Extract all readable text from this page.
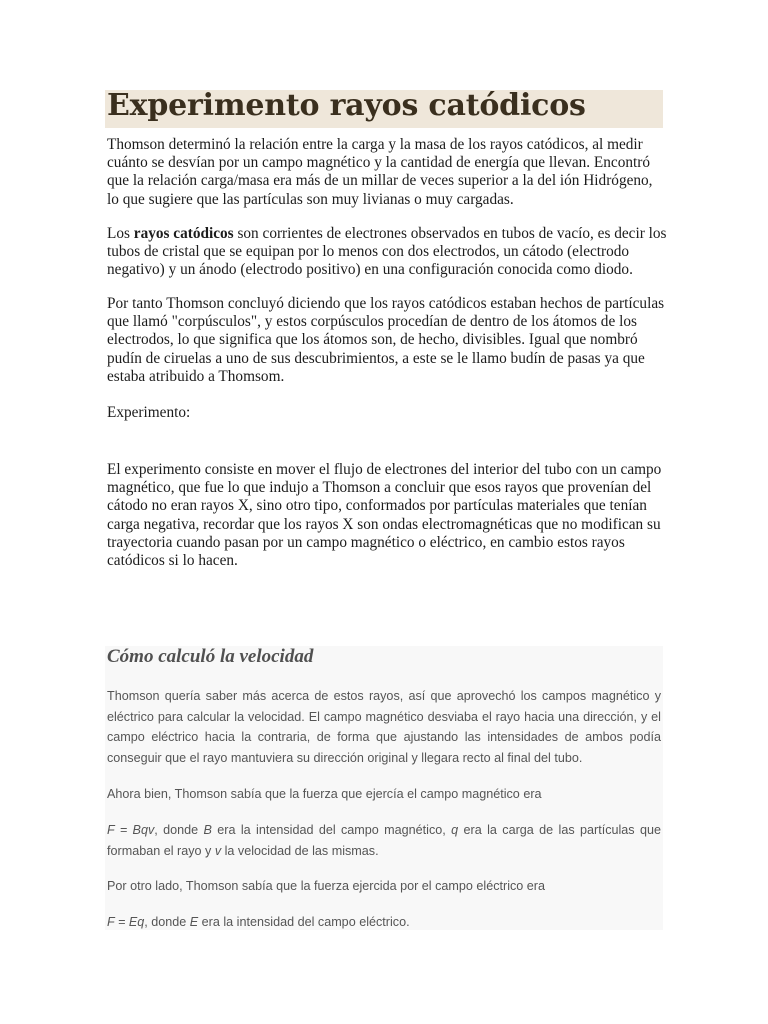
Experimento rayos catódicos

Thomson determinó la relación entre la carga y la masa de los rayos catódicos, al medir cuánto se desvían por un campo magnético y la cantidad de energía que llevan. Encontró que la relación carga/masa era más de un millar de veces superior a la del ión Hidrógeno, lo que sugiere que las partículas son muy livianas o muy cargadas.

Los rayos catódicos son corrientes de electrones observados en tubos de vacío, es decir los tubos de cristal que se equipan por lo menos con dos electrodos, un cátodo (electrodo negativo) y un ánodo (electrodo positivo) en una configuración conocida como diodo.

Por tanto Thomson concluyó diciendo que los rayos catódicos estaban hechos de partículas que llamó "corpúsculos", y estos corpúsculos procedían de dentro de los átomos de los electrodos, lo que significa que los átomos son, de hecho, divisibles. Igual que nombró pudín de ciruelas a uno de sus descubrimientos, a este se le llamo budín de pasas ya que estaba atribuido a Thomsom.

Experimento:

El experimento consiste en mover el flujo de electrones del interior del tubo con un campo magnético, que fue lo que indujo a Thomson a concluir que esos rayos que provenían del cátodo no eran rayos X, sino otro tipo, conformados por partículas materiales que tenían carga negativa, recordar que los rayos X son ondas electromagnéticas que no modifican su trayectoria cuando pasan por un campo magnético o eléctrico, en cambio estos rayos catódicos si lo hacen.

Cómo calculó la velocidad

Thomson quería saber más acerca de estos rayos, así que aprovechó los campos magnético y eléctrico para calcular la velocidad. El campo magnético desviaba el rayo hacia una dirección, y el campo eléctrico hacia la contraria, de forma que ajustando las intensidades de ambos podía conseguir que el rayo mantuviera su dirección original y llegara recto al final del tubo.

Ahora bien, Thomson sabía que la fuerza que ejercía el campo magnético era

F = Bqv, donde B era la intensidad del campo magnético, q era la carga de las partículas que formaban el rayo y v la velocidad de las mismas.

Por otro lado, Thomson sabía que la fuerza ejercida por el campo eléctrico era

F = Eq, donde E era la intensidad del campo eléctrico.
